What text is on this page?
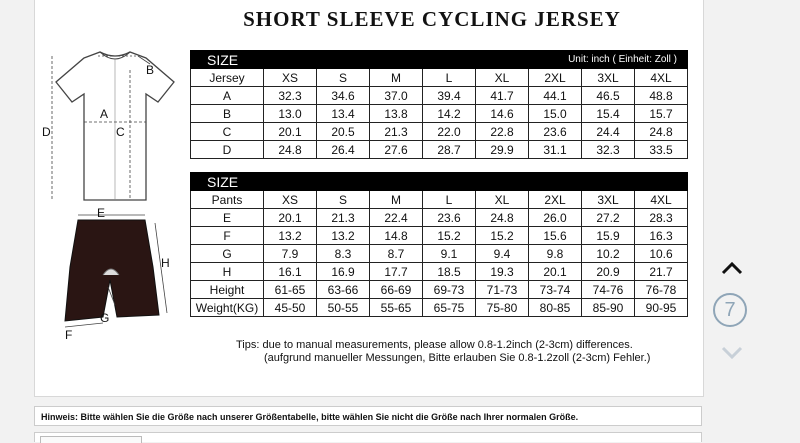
SHORT SLEEVE CYCLING JERSEY
A
B
C
D
E
F
G
H
SIZE				Unit: inch ( Einheit: Zoll )				
Jersey	XS	S	M	L	XL	2XL	3XL	4XL
A	32.3	34.6	37.0	39.4	41.7	44.1	46.5	48.8
B	13.0	13.4	13.8	14.2	14.6	15.0	15.4	15.7
C	20.1	20.5	21.3	22.0	22.8	23.6	24.4	24.8
D	24.8	26.4	27.6	28.7	29.9	31.1	32.3	33.5
SIZE								
Pants	XS	S	M	L	XL	2XL	3XL	4XL
E	20.1	21.3	22.4	23.6	24.8	26.0	27.2	28.3
F	13.2	13.2	14.8	15.2	15.2	15.6	15.9	16.3
G	7.9	8.3	8.7	9.1	9.4	9.8	10.2	10.6
H	16.1	16.9	17.7	18.5	19.3	20.1	20.9	21.7
Height	61-65	63-66	66-69	69-73	71-73	73-74	74-76	76-78
Weight(KG)	45-50	50-55	55-65	65-75	75-80	80-85	85-90	90-95
Tips: due to manual measurements, please allow 0.8-1.2inch (2-3cm) differences.
(aufgrund manueller Messungen, Bitte erlauben Sie 0.8-1.2zoll (2-3cm) Fehler.)
Hinweis: Bitte wählen Sie die Größe nach unserer Größentabelle, bitte wählen Sie nicht die Größe nach Ihrer normalen Größe.
7
